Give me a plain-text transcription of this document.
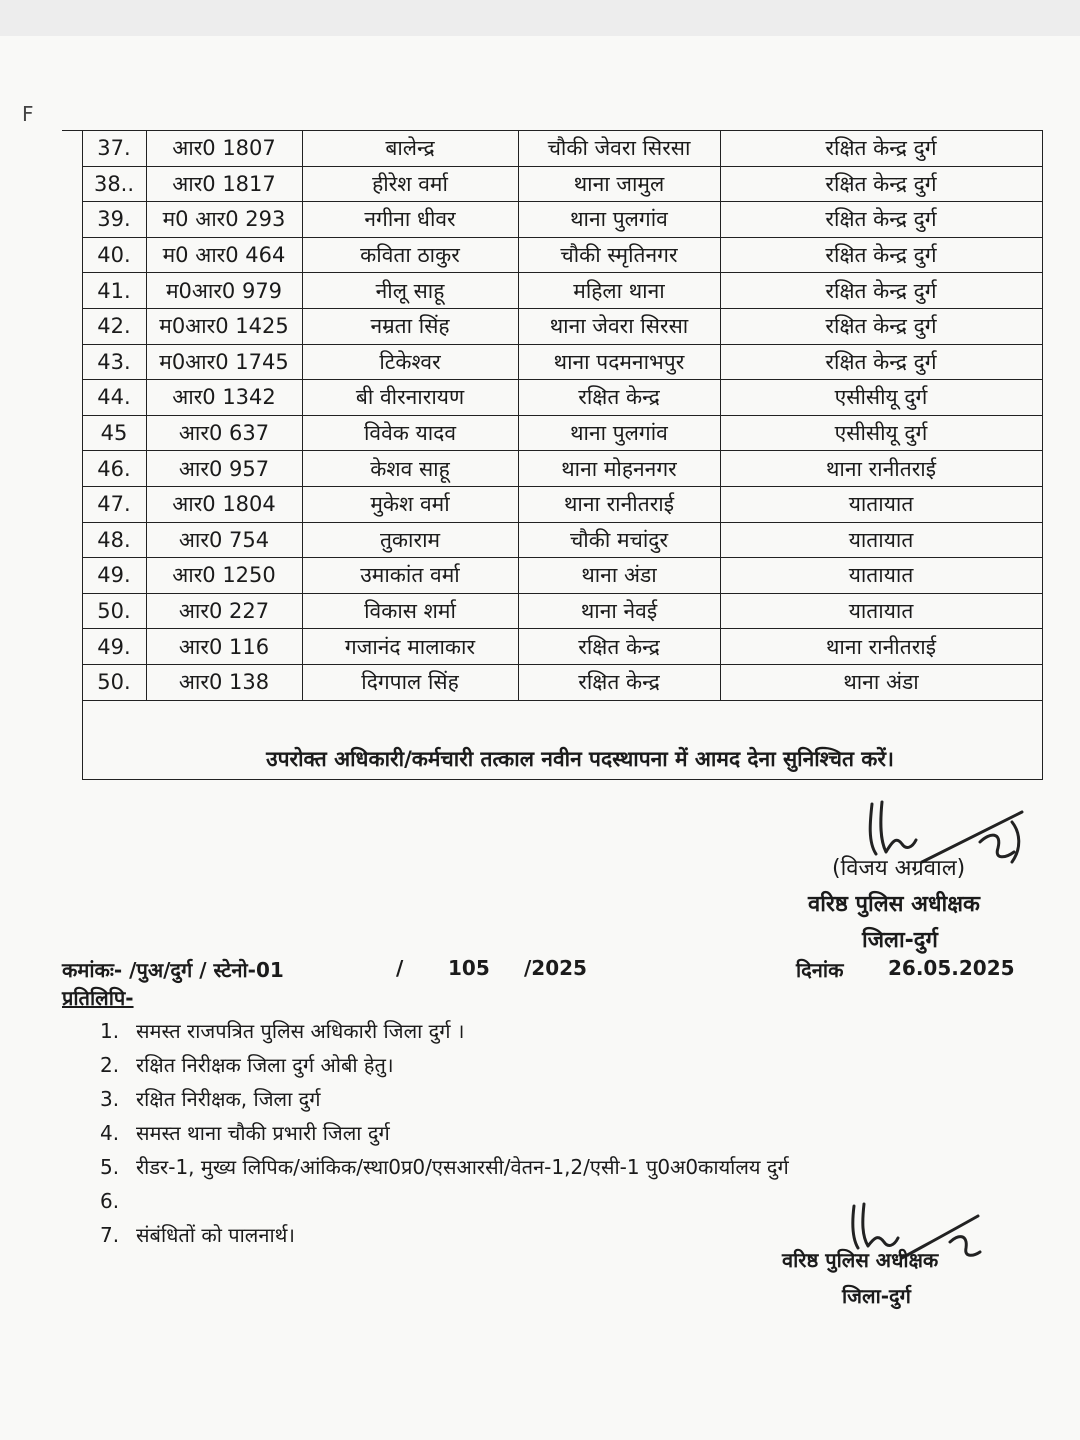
F
	37.	आर0 1807	बालेन्द्र	चौकी जेवरा सिरसा	रक्षित केन्द्र दुर्ग
	38..	आर0 1817	हीरेश वर्मा	थाना जामुल	रक्षित केन्द्र दुर्ग
	39.	म0 आर0 293	नगीना धीवर	थाना पुलगांव	रक्षित केन्द्र दुर्ग
	40.	म0 आर0 464	कविता ठाकुर	चौकी स्मृतिनगर	रक्षित केन्द्र दुर्ग
	41.	म0आर0 979	नीलू साहू	महिला थाना	रक्षित केन्द्र दुर्ग
	42.	म0आर0 1425	नम्रता सिंह	थाना जेवरा सिरसा	रक्षित केन्द्र दुर्ग
	43.	म0आर0 1745	टिकेश्वर	थाना पदमनाभपुर	रक्षित केन्द्र दुर्ग
	44.	आर0 1342	बी वीरनारायण	रक्षित केन्द्र	एसीसीयू दुर्ग
	45	आर0 637	विवेक यादव	थाना पुलगांव	एसीसीयू दुर्ग
	46.	आर0 957	केशव साहू	थाना मोहननगर	थाना रानीतराई
	47.	आर0 1804	मुकेश वर्मा	थाना रानीतराई	यातायात
	48.	आर0 754	तुकाराम	चौकी मचांदुर	यातायात
	49.	आर0 1250	उमाकांत वर्मा	थाना अंडा	यातायात
	50.	आर0 227	विकास शर्मा	थाना नेवई	यातायात
	49.	आर0 116	गजानंद मालाकार	रक्षित केन्द्र	थाना रानीतराई
	50.	आर0 138	दिगपाल सिंह	रक्षित केन्द्र	थाना अंडा
	उपरोक्त अधिकारी/कर्मचारी तत्काल नवीन पदस्थापना में आमद देना सुनिश्चित करें।				
(विजय अग्रवाल)
वरिष्ठ पुलिस अधीक्षक
जिला-दुर्ग
कमांकः- /पुअ/दुर्ग / स्टेनो-01	/ 105 /2025	दिनांक 26.05.2025
प्रतिलिपि-
1. समस्त राजपत्रित पुलिस अधिकारी जिला दुर्ग ।
2. रक्षित निरीक्षक जिला दुर्ग ओबी हेतु।
3. रक्षित निरीक्षक, जिला दुर्ग
4. समस्त थाना चौकी प्रभारी जिला दुर्ग
5. रीडर-1, मुख्य लिपिक/आंकिक/स्था0प्र0/एसआरसी/वेतन-1,2/एसी-1 पु0अ0कार्यालय दुर्ग
6.
7. संबंधितों को पालनार्थ।
वरिष्ठ पुलिस अधीक्षक
जिला-दुर्ग
